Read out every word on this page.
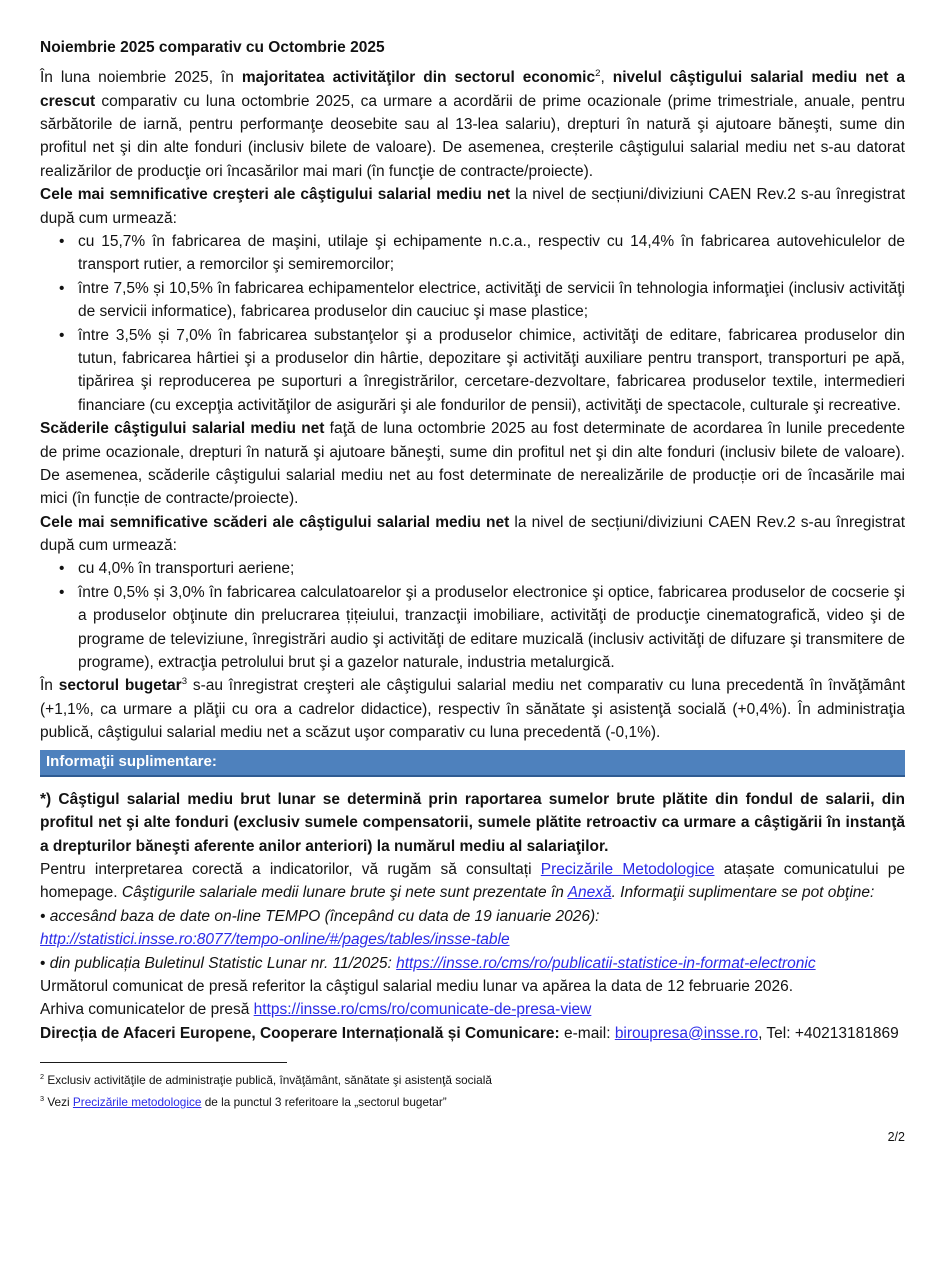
Noiembrie 2025 comparativ cu Octombrie 2025

În luna noiembrie 2025, în majoritatea activităţilor din sectorul economic$^2$, nivelul câştigului salarial mediu net a crescut comparativ cu luna octombrie 2025, ca urmare a acordării de prime ocazionale (prime trimestriale, anuale, pentru sărbătorile de iarnă, pentru performanţe deosebite sau al 13-lea salariu), drepturi în natură şi ajutoare băneşti, sume din profitul net şi din alte fonduri (inclusiv bilete de valoare). De asemenea, creșterile câştigului salarial mediu net s-au datorat realizărilor de producţie ori încasărilor mai mari (în funcţie de contracte/proiecte).

Cele mai semnificative creşteri ale câştigului salarial mediu net la nivel de secțiuni/diviziuni CAEN Rev.2 s-au înregistrat după cum urmează:

• cu 15,7% în fabricarea de maşini, utilaje şi echipamente n.c.a., respectiv cu 14,4% în fabricarea autovehiculelor de transport rutier, a remorcilor şi semiremorcilor;
• între 7,5% și 10,5% în fabricarea echipamentelor electrice, activităţi de servicii în tehnologia informaţiei (inclusiv activităţi de servicii informatice), fabricarea produselor din cauciuc şi mase plastice;
• între 3,5% și 7,0% în fabricarea substanţelor şi a produselor chimice, activităţi de editare, fabricarea produselor din tutun, fabricarea hârtiei şi a produselor din hârtie, depozitare şi activităţi auxiliare pentru transport, transporturi pe apă, tipărirea şi reproducerea pe suporturi a înregistrărilor, cercetare-dezvoltare, fabricarea produselor textile, intermedieri financiare (cu excepţia activităţilor de asigurări şi ale fondurilor de pensii), activităţi de spectacole, culturale şi recreative.

Scăderile câştigului salarial mediu net faţă de luna octombrie 2025 au fost determinate de acordarea în lunile precedente de prime ocazionale, drepturi în natură şi ajutoare băneşti, sume din profitul net şi din alte fonduri (inclusiv bilete de valoare). De asemenea, scăderile câştigului salarial mediu net au fost determinate de nerealizările de producție ori de încasările mai mici (în funcție de contracte/proiecte).

Cele mai semnificative scăderi ale câştigului salarial mediu net la nivel de secțiuni/diviziuni CAEN Rev.2 s-au înregistrat după cum urmează:

• cu 4,0% în transporturi aeriene;
• între 0,5% și 3,0% în fabricarea calculatoarelor şi a produselor electronice şi optice, fabricarea produselor de cocserie şi a produselor obţinute din prelucrarea țițeiului, tranzacţii imobiliare, activităţi de producţie cinematografică, video şi de programe de televiziune, înregistrări audio şi activităţi de editare muzicală (inclusiv activităţi de difuzare şi transmitere de programe), extracţia petrolului brut şi a gazelor naturale, industria metalurgică.

În sectorul bugetar$^3$ s-au înregistrat creşteri ale câştigului salarial mediu net comparativ cu luna precedentă în învăţământ (+1,1%, ca urmare a plăţii cu ora a cadrelor didactice), respectiv în sănătate şi asistenţă socială (+0,4%). În administraţia publică, câştigului salarial mediu net a scăzut uşor comparativ cu luna precedentă (-0,1%).

Informaţii suplimentare:

*) Câştigul salarial mediu brut lunar se determină prin raportarea sumelor brute plătite din fondul de salarii, din profitul net şi alte fonduri (exclusiv sumele compensatorii, sumele plătite retroactiv ca urmare a câştigării în instanţă a drepturilor băneşti aferente anilor anteriori) la numărul mediu al salariaţilor.

Pentru interpretarea corectă a indicatorilor, vă rugăm să consultați Precizările Metodologice atașate comunicatului pe homepage. Câştigurile salariale medii lunare brute şi nete sunt prezentate în Anexă. Informaţii suplimentare se pot obţine:

• accesând baza de date on-line TEMPO (începând cu data de 19 ianuarie 2026):

http://statistici.insse.ro:8077/tempo-online/#/pages/tables/insse-table

• din publicația Buletinul Statistic Lunar nr. 11/2025: https://insse.ro/cms/ro/publicatii-statistice-in-format-electronic

Următorul comunicat de presă referitor la câştigul salarial mediu lunar va apărea la data de 12 februarie 2026.

Arhiva comunicatelor de presă https://insse.ro/cms/ro/comunicate-de-presa-view

Direcția de Afaceri Europene, Cooperare Internațională și Comunicare: e-mail: biroupresa@insse.ro, Tel: +40213181869

$^2$ Exclusiv activităţile de administraţie publică, învăţământ, sănătate şi asistenţă socială

$^3$ Vezi Precizările metodologice de la punctul 3 referitoare la „sectorul bugetar”

2/2
